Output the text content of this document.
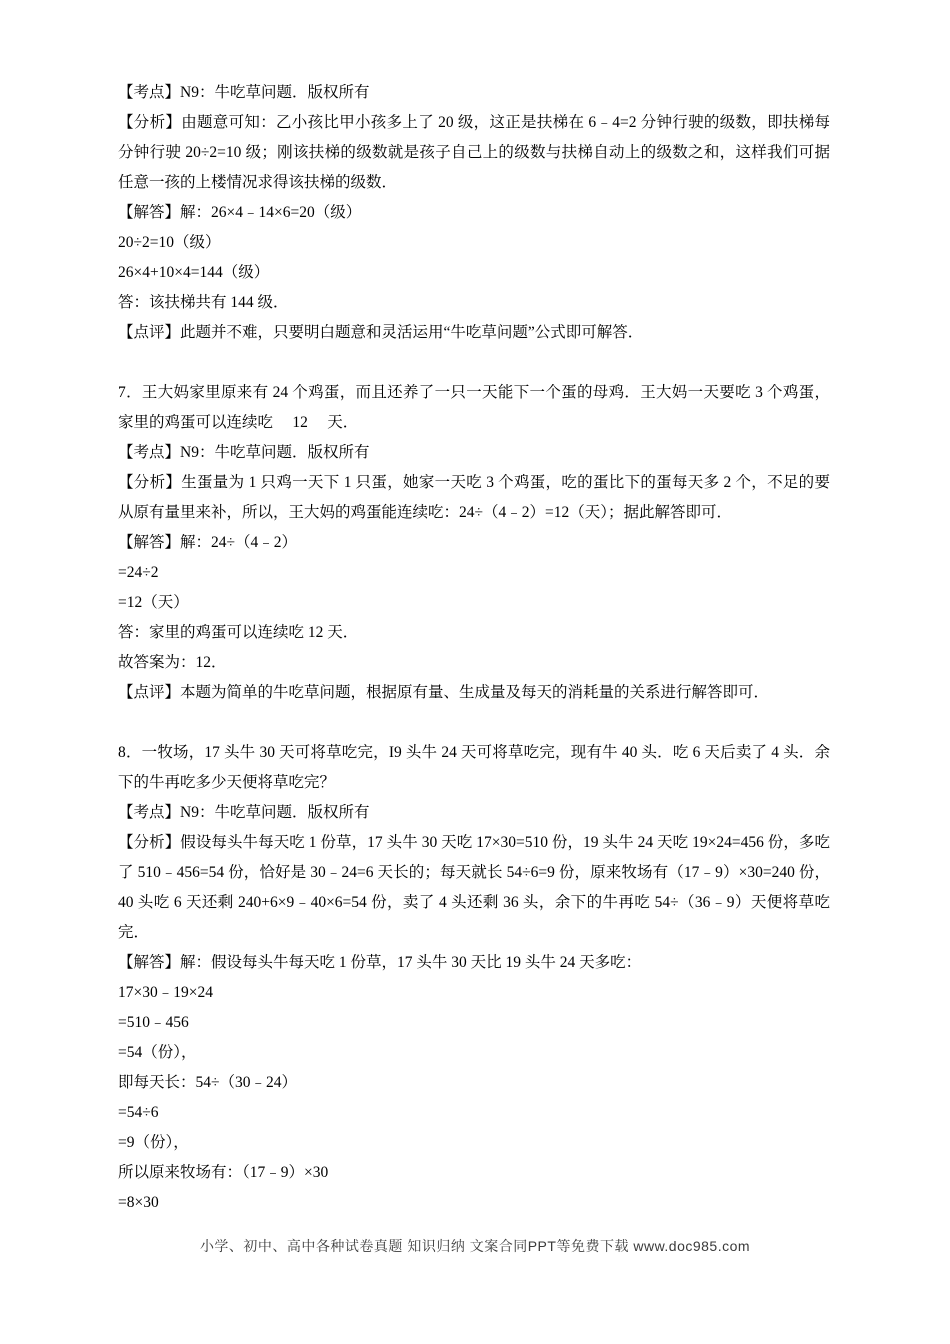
【考点】N9：牛吃草问题．版权所有
【分析】由题意可知：乙小孩比甲小孩多上了 20 级，这正是扶梯在 6﹣4=2 分钟行驶的级数，即扶梯每分钟行驶 20÷2=10 级；刚该扶梯的级数就是孩子自己上的级数与扶梯自动上的级数之和，这样我们可据任意一孩的上楼情况求得该扶梯的级数．
【解答】解：26×4﹣14×6=20（级）
20÷2=10（级）
26×4+10×4=144（级）
答：该扶梯共有 144 级．
【点评】此题并不难，只要明白题意和灵活运用“牛吃草问题”公式即可解答．
7．王大妈家里原来有 24 个鸡蛋，而且还养了一只一天能下一个蛋的母鸡．王大妈一天要吃 3 个鸡蛋，家里的鸡蛋可以连续吃　 12 　天．
【考点】N9：牛吃草问题．版权所有
【分析】生蛋量为 1 只鸡一天下 1 只蛋，她家一天吃 3 个鸡蛋，吃的蛋比下的蛋每天多 2 个，不足的要从原有量里来补，所以，王大妈的鸡蛋能连续吃：24÷（4﹣2）=12（天）；据此解答即可．
【解答】解：24÷（4﹣2）
=24÷2
=12（天）
答：家里的鸡蛋可以连续吃 12 天．
故答案为：12．
【点评】本题为简单的牛吃草问题，根据原有量、生成量及每天的消耗量的关系进行解答即可．
8．一牧场，17 头牛 30 天可将草吃完，I9 头牛 24 天可将草吃完，现有牛 40 头．吃 6 天后卖了 4 头．余下的牛再吃多少天便将草吃完？
【考点】N9：牛吃草问题．版权所有
【分析】假设每头牛每天吃 1 份草，17 头牛 30 天吃 17×30=510 份，19 头牛 24 天吃 19×24=456 份，多吃了 510﹣456=54 份，恰好是 30﹣24=6 天长的；每天就长 54÷6=9 份，原来牧场有（17﹣9）×30=240 份，40 头吃 6 天还剩 240+6×9﹣40×6=54 份，卖了 4 头还剩 36 头，余下的牛再吃 54÷（36﹣9）天便将草吃完．
【解答】解：假设每头牛每天吃 1 份草，17 头牛 30 天比 19 头牛 24 天多吃：
17×30﹣19×24
=510﹣456
=54（份），
即每天长：54÷（30﹣24）
=54÷6
=9（份），
所以原来牧场有：（17﹣9）×30
=8×30
小学、初中、高中各种试卷真题 知识归纳 文案合同PPT等免费下载 www.doc985.com
